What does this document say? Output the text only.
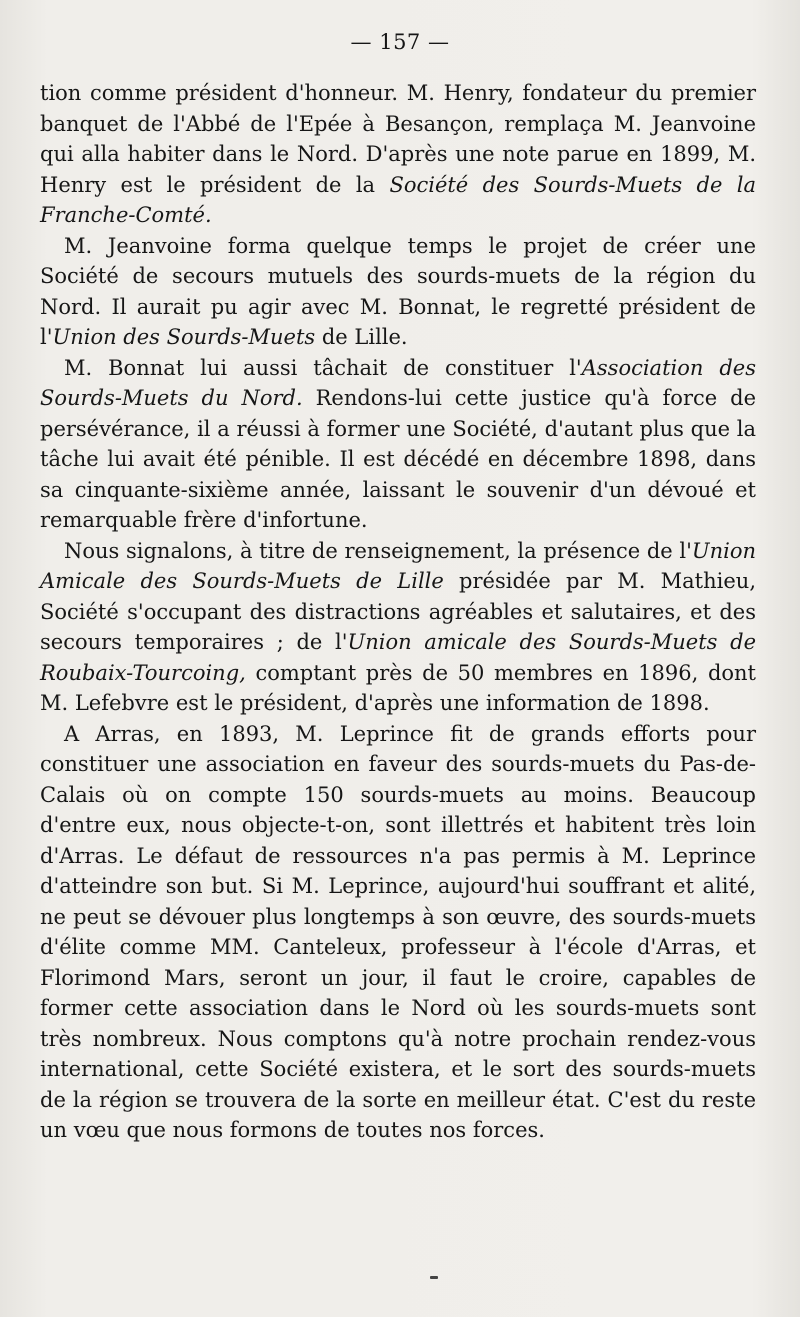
— 157 —

tion comme président d'honneur. M. Henry, fondateur du premier banquet de l'Abbé de l'Epée à Besançon, remplaça M. Jeanvoine qui alla habiter dans le Nord. D'après une note parue en 1899, M. Henry est le président de la Société des Sourds-Muets de la Franche-Comté.

M. Jeanvoine forma quelque temps le projet de créer une Société de secours mutuels des sourds-muets de la région du Nord. Il aurait pu agir avec M. Bonnat, le regretté président de l'Union des Sourds-Muets de Lille.

M. Bonnat lui aussi tâchait de constituer l'Association des Sourds-Muets du Nord. Rendons-lui cette justice qu'à force de persévérance, il a réussi à former une Société, d'autant plus que la tâche lui avait été pénible. Il est décédé en décembre 1898, dans sa cinquante-sixième année, laissant le souvenir d'un dévoué et remarquable frère d'infortune.

Nous signalons, à titre de renseignement, la présence de l'Union Amicale des Sourds-Muets de Lille présidée par M. Mathieu, Société s'occupant des distractions agréables et salutaires, et des secours temporaires ; de l'Union amicale des Sourds-Muets de Roubaix-Tourcoing, comptant près de 50 membres en 1896, dont M. Lefebvre est le président, d'après une information de 1898.

A Arras, en 1893, M. Leprince fit de grands efforts pour constituer une association en faveur des sourds-muets du Pas-de-Calais où on compte 150 sourds-muets au moins. Beaucoup d'entre eux, nous objecte-t-on, sont illettrés et habitent très loin d'Arras. Le défaut de ressources n'a pas permis à M. Leprince d'atteindre son but. Si M. Leprince, aujourd'hui souffrant et alité, ne peut se dévouer plus longtemps à son œuvre, des sourds-muets d'élite comme MM. Canteleux, professeur à l'école d'Arras, et Florimond Mars, seront un jour, il faut le croire, capables de former cette association dans le Nord où les sourds-muets sont très nombreux. Nous comptons qu'à notre prochain rendez-vous international, cette Société existera, et le sort des sourds-muets de la région se trouvera de la sorte en meilleur état. C'est du reste un vœu que nous formons de toutes nos forces.
